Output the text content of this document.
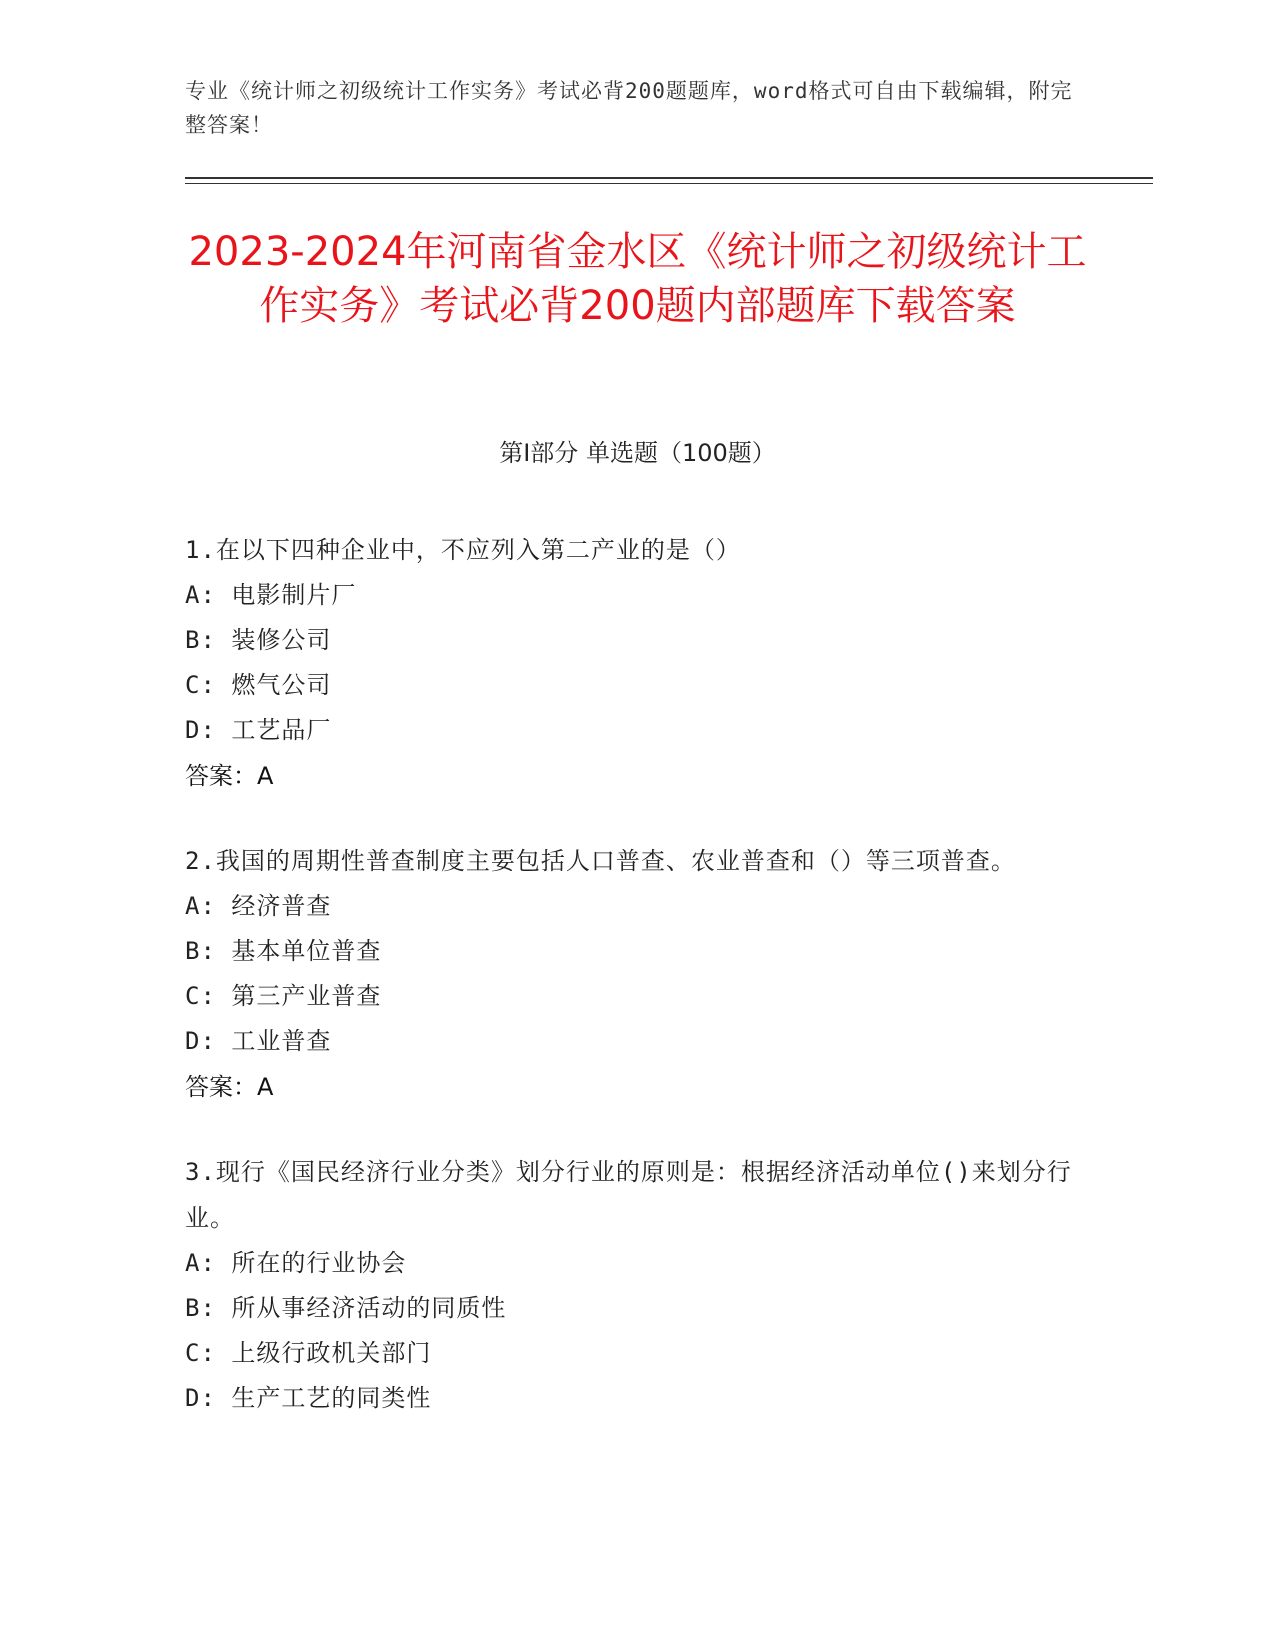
专业《统计师之初级统计工作实务》考试必背200题题库，word格式可自由下载编辑，附完整答案！
2023-2024年河南省金水区《统计师之初级统计工作实务》考试必背200题内部题库下载答案
第I部分 单选题（100题）
1.在以下四种企业中，不应列入第二产业的是（）
A: 电影制片厂
B: 装修公司
C: 燃气公司
D: 工艺品厂
答案：A
2.我国的周期性普查制度主要包括人口普查、农业普查和（）等三项普查。
A: 经济普查
B: 基本单位普查
C: 第三产业普查
D: 工业普查
答案：A
3.现行《国民经济行业分类》划分行业的原则是：根据经济活动单位()来划分行业。
A: 所在的行业协会
B: 所从事经济活动的同质性
C: 上级行政机关部门
D: 生产工艺的同类性
